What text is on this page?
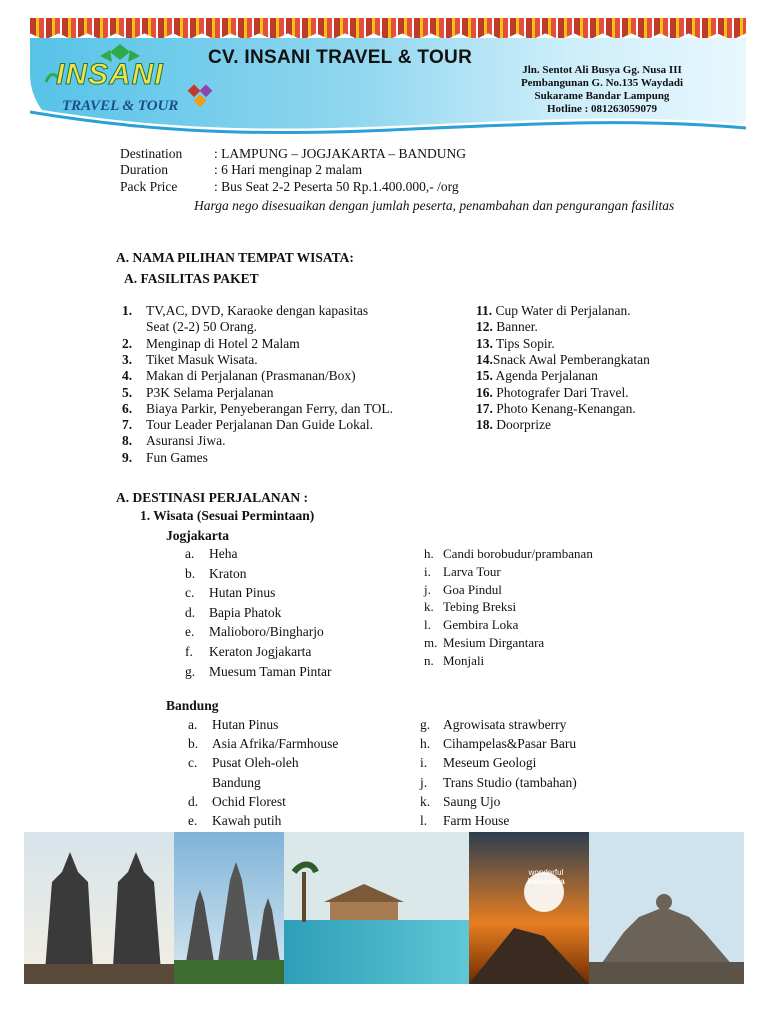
INSANI
TRAVEL & TOUR
CV. INSANI TRAVEL & TOUR
Jln. Sentot Ali Busya Gg. Nusa III
Pembangunan G. No.135 Waydadi
Sukarame Bandar Lampung
Hotline : 081263059079
Destination : LAMPUNG – JOGJAKARTA – BANDUNG
Duration	: 6 Hari menginap 2 malam
Pack Price	: Bus Seat 2-2 Peserta 50 Rp.1.400.000,- /org
Harga nego disesuaikan dengan jumlah peserta, penambahan dan pengurangan fasilitas
A. NAMA PILIHAN TEMPAT WISATA:
A. FASILITAS PAKET
1. TV,AC, DVD, Karaoke dengan kapasitas
Seat (2-2) 50 Orang.
2. Menginap di Hotel 2 Malam
3. Tiket Masuk Wisata.
4. Makan di Perjalanan (Prasmanan/Box)
5. P3K Selama Perjalanan
6. Biaya Parkir, Penyeberangan Ferry, dan TOL.
7. Tour Leader Perjalanan Dan Guide Lokal.
8. Asuransi Jiwa.
9. Fun Games
11. Cup Water di Perjalanan.
12. Banner.
13. Tips Sopir.
14.Snack Awal Pemberangkatan
15. Agenda Perjalanan
16. Photografer Dari Travel.
17. Photo Kenang-Kenangan.
18. Doorprize
A. DESTINASI PERJALANAN :
1. Wisata (Sesuai Permintaan)
Jogjakarta
a. Heha
b. Kraton
c. Hutan Pinus
d. Bapia Phatok
e. Malioboro/Bingharjo
f. Keraton Jogjakarta
g. Muesum Taman Pintar
h. Candi borobudur/prambanan
i. Larva Tour
j. Goa Pindul
k. Tebing Breksi
l. Gembira Loka
m. Mesium Dirgantara
n. Monjali
Bandung
a. Hutan Pinus
b. Asia Afrika/Farmhouse
c. Pusat Oleh-oleh
Bandung
d. Ochid Florest
e. Kawah putih
g. Agrowisata strawberry
h. Cihampelas&Pasar Baru
i. Meseum Geologi
j. Trans Studio (tambahan)
k. Saung Ujo
l. Farm House
wonderful
indonesia
